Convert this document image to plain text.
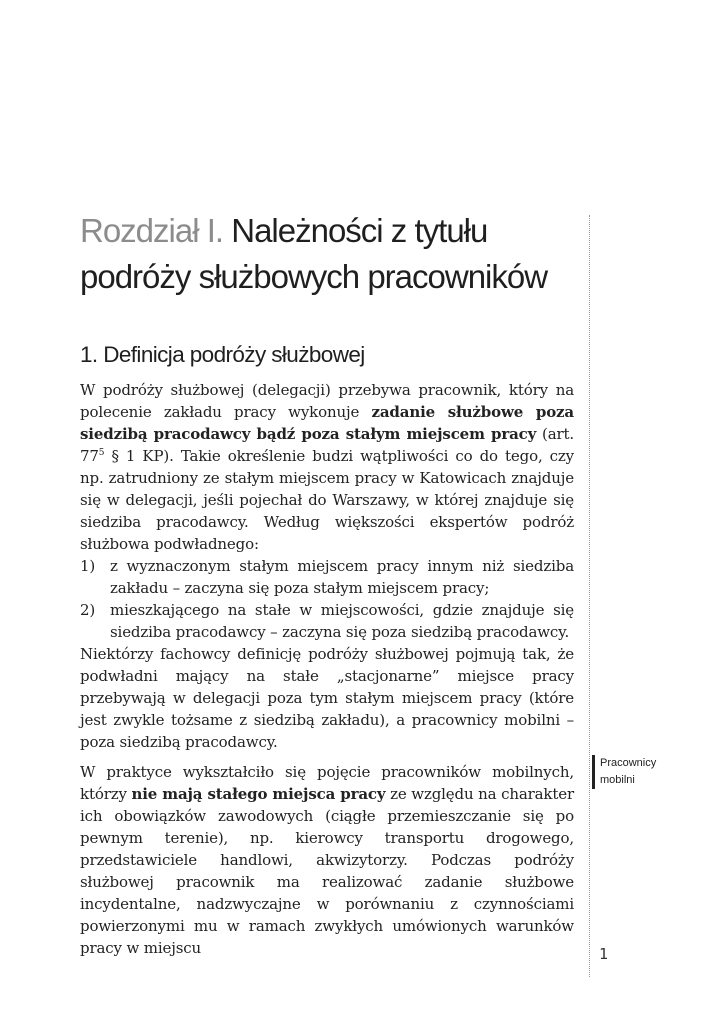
Rozdział I. Należności z tytułu
podróży służbowych pracowników
1. Definicja podróży służbowej

W podróży służbowej (delegacji) przebywa pracownik, który na polecenie zakładu pracy wykonuje zadanie służbowe poza siedzibą pracodawcy bądź poza stałym miejscem pracy (art. $77^5$ § 1 KP). Takie określenie budzi wątpliwości co do tego, czy np. zatrudniony ze stałym miejscem pracy w Katowicach znajduje się w delegacji, jeśli pojechał do Warszawy, w której znajduje się siedziba pracodawcy. Według większości ekspertów podróż służbowa podwładnego:

1) z wyznaczonym stałym miejscem pracy innym niż siedziba zakładu – zaczyna się poza stałym miejscem pracy;
2) mieszkającego na stałe w miejscowości, gdzie znajduje się siedziba pracodawcy – zaczyna się poza siedzibą pracodawcy.

Niektórzy fachowcy definicję podróży służbowej pojmują tak, że podwładni mający na stałe „stacjonarne” miejsce pracy przebywają w delegacji poza tym stałym miejscem pracy (które jest zwykle tożsame z siedzibą zakładu), a pracownicy mobilni – poza siedzibą pracodawcy.

W praktyce wykształciło się pojęcie pracowników mobilnych, którzy nie mają stałego miejsca pracy ze względu na charakter ich obowiązków zawodowych (ciągłe przemieszczanie się po pewnym terenie), np. kierowcy transportu drogowego, przedstawiciele handlowi, akwizytorzy. Podczas podróży służbowej pracownik ma realizować zadanie służbowe incydentalne, nadzwyczajne w porównaniu z czynnościami powierzonymi mu w ramach zwykłych umówionych warunków pracy w miejscu

Pracownicy
mobilni
1
